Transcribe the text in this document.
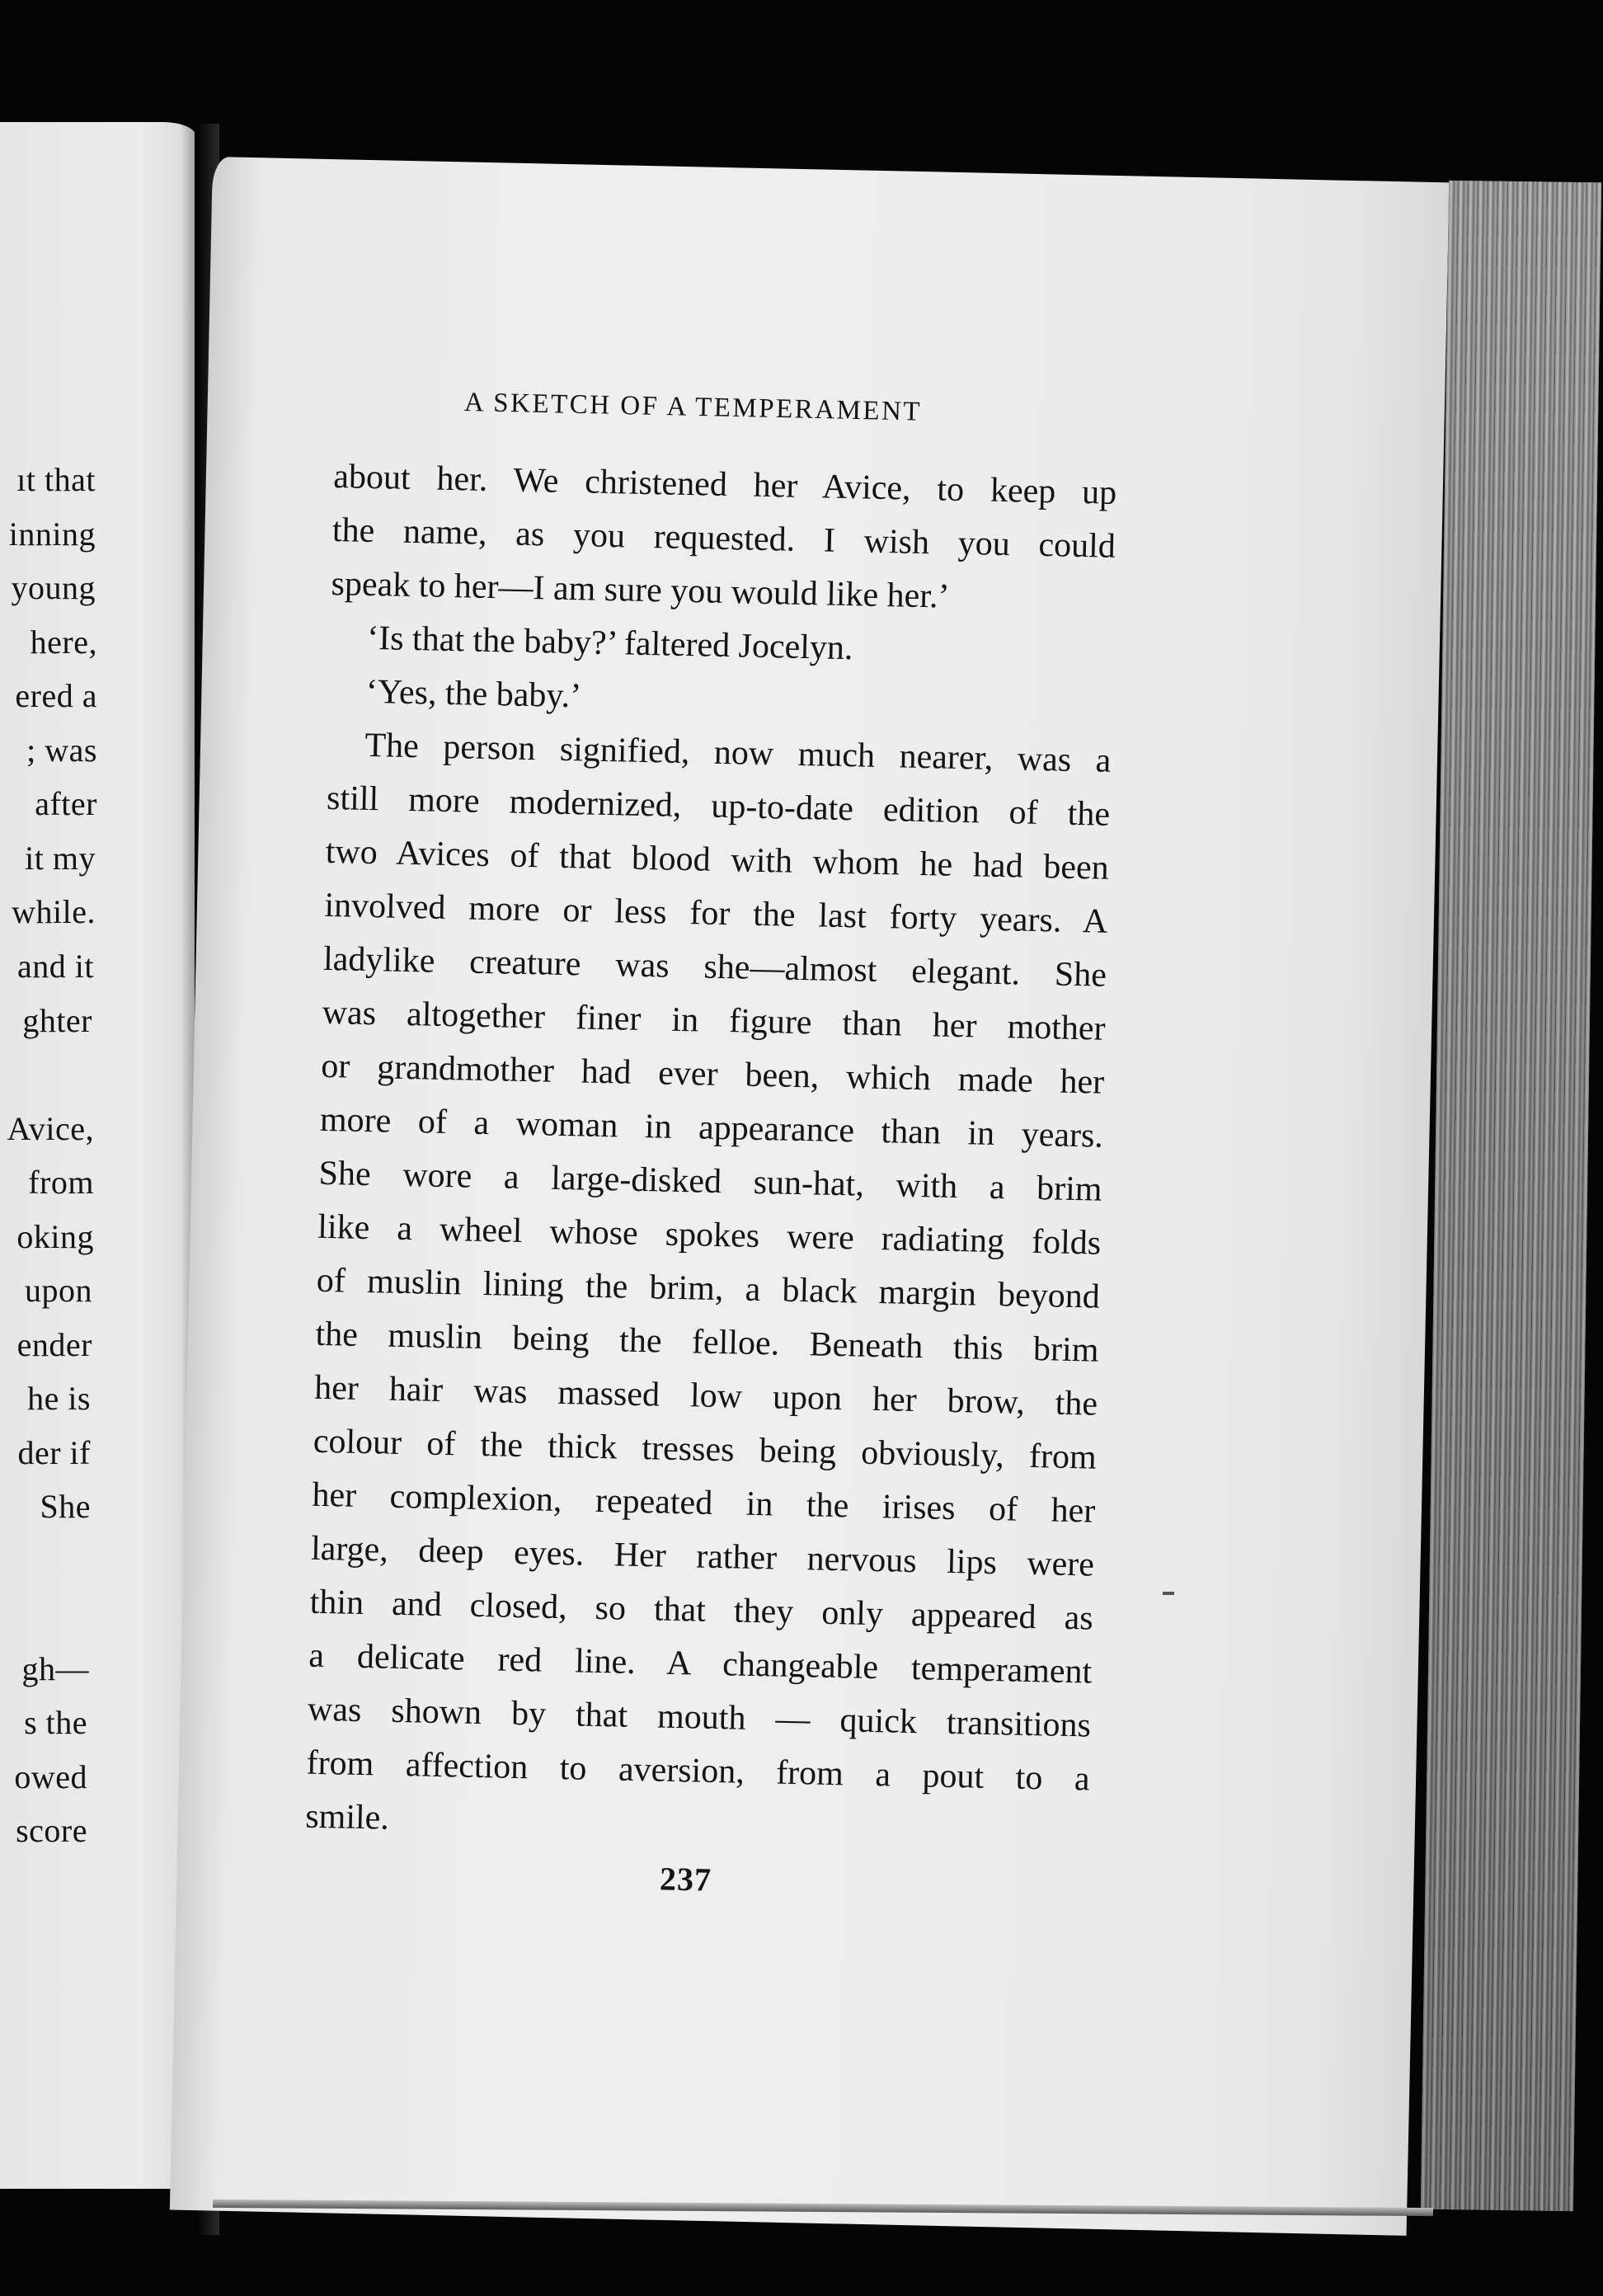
ıt that
inning
young
here,
ered a
; was
after
it my
while.
and it
ghter
Avice,
from
oking
upon
ender
he is
der if
She
gh—
s the
owed
score
A SKETCH OF A TEMPERAMENT
about her. We christened her Avice, to keep up
the name, as you requested. I wish you could
speak to her—I am sure you would like her.’
‘Is that the baby?’ faltered Jocelyn.
‘Yes, the baby.’
The person signified, now much nearer, was a
still more modernized, up-to-date edition of the
two Avices of that blood with whom he had been
involved more or less for the last forty years. A
ladylike creature was she—almost elegant. She
was altogether finer in figure than her mother
or grandmother had ever been, which made her
more of a woman in appearance than in years.
She wore a large-disked sun-hat, with a brim
like a wheel whose spokes were radiating folds
of muslin lining the brim, a black margin beyond
the muslin being the felloe. Beneath this brim
her hair was massed low upon her brow, the
colour of the thick tresses being obviously, from
her complexion, repeated in the irises of her
large, deep eyes. Her rather nervous lips were
thin and closed, so that they only appeared as
a delicate red line. A changeable temperament
was shown by that mouth — quick transitions
from affection to aversion, from a pout to a
smile.
237
